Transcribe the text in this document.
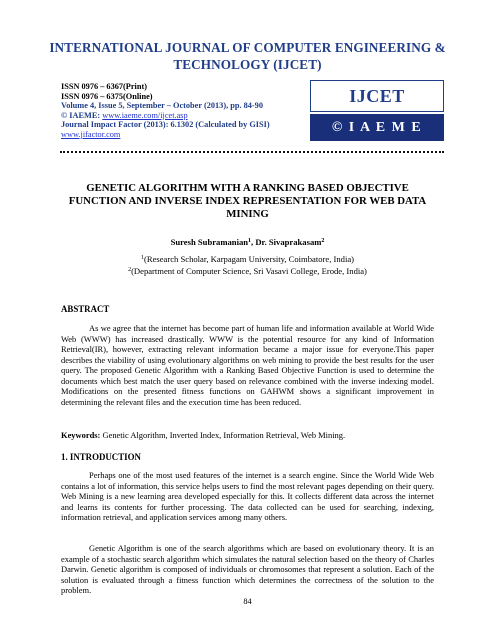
INTERNATIONAL JOURNAL OF COMPUTER ENGINEERING &
TECHNOLOGY (IJCET)
ISSN 0976 – 6367(Print)
ISSN 0976 – 6375(Online)
Volume 4, Issue 5, September – October (2013), pp. 84-90
© IAEME: www.iaeme.com/ijcet.asp
Journal Impact Factor (2013): 6.1302 (Calculated by GISI)
www.jifactor.com
IJCET
© I A E M E
GENETIC ALGORITHM WITH A RANKING BASED OBJECTIVE
FUNCTION AND INVERSE INDEX REPRESENTATION FOR WEB DATA
MINING
Suresh Subramanian$^1$, Dr. Sivaprakasam$^2$
$^1$(Research Scholar, Karpagam University, Coimbatore, India)
$^2$(Department of Computer Science, Sri Vasavi College, Erode, India)
ABSTRACT
As we agree that the internet has become part of human life and information available at World Wide Web (WWW) has increased drastically. WWW is the potential resource for any kind of Information Retrieval(IR), however, extracting relevant information became a major issue for everyone.This paper describes the viability of using evolutionary algorithms on web mining to provide the best results for the user query. The proposed Genetic Algorithm with a Ranking Based Objective Function is used to determine the documents which best match the user query based on relevance combined with the inverse indexing model. Modifications on the presented fitness functions on GAHWM shows a significant improvement in determining the relevant files and the execution time has been reduced.
Keywords: Genetic Algorithm, Inverted Index, Information Retrieval, Web Mining.
1. INTRODUCTION
Perhaps one of the most used features of the internet is a search engine. Since the World Wide Web contains a lot of information, this service helps users to find the most relevant pages depending on their query. Web Mining is a new learning area developed especially for this. It collects different data across the internet and learns its contents for further processing. The data collected can be used for searching, indexing, information retrieval, and application services among many others.
Genetic Algorithm is one of the search algorithms which are based on evolutionary theory. It is an example of a stochastic search algorithm which simulates the natural selection based on the theory of Charles Darwin. Genetic algorithm is composed of individuals or chromosomes that represent a solution. Each of the solution is evaluated through a fitness function which determines the correctness of the solution to the problem.
84
